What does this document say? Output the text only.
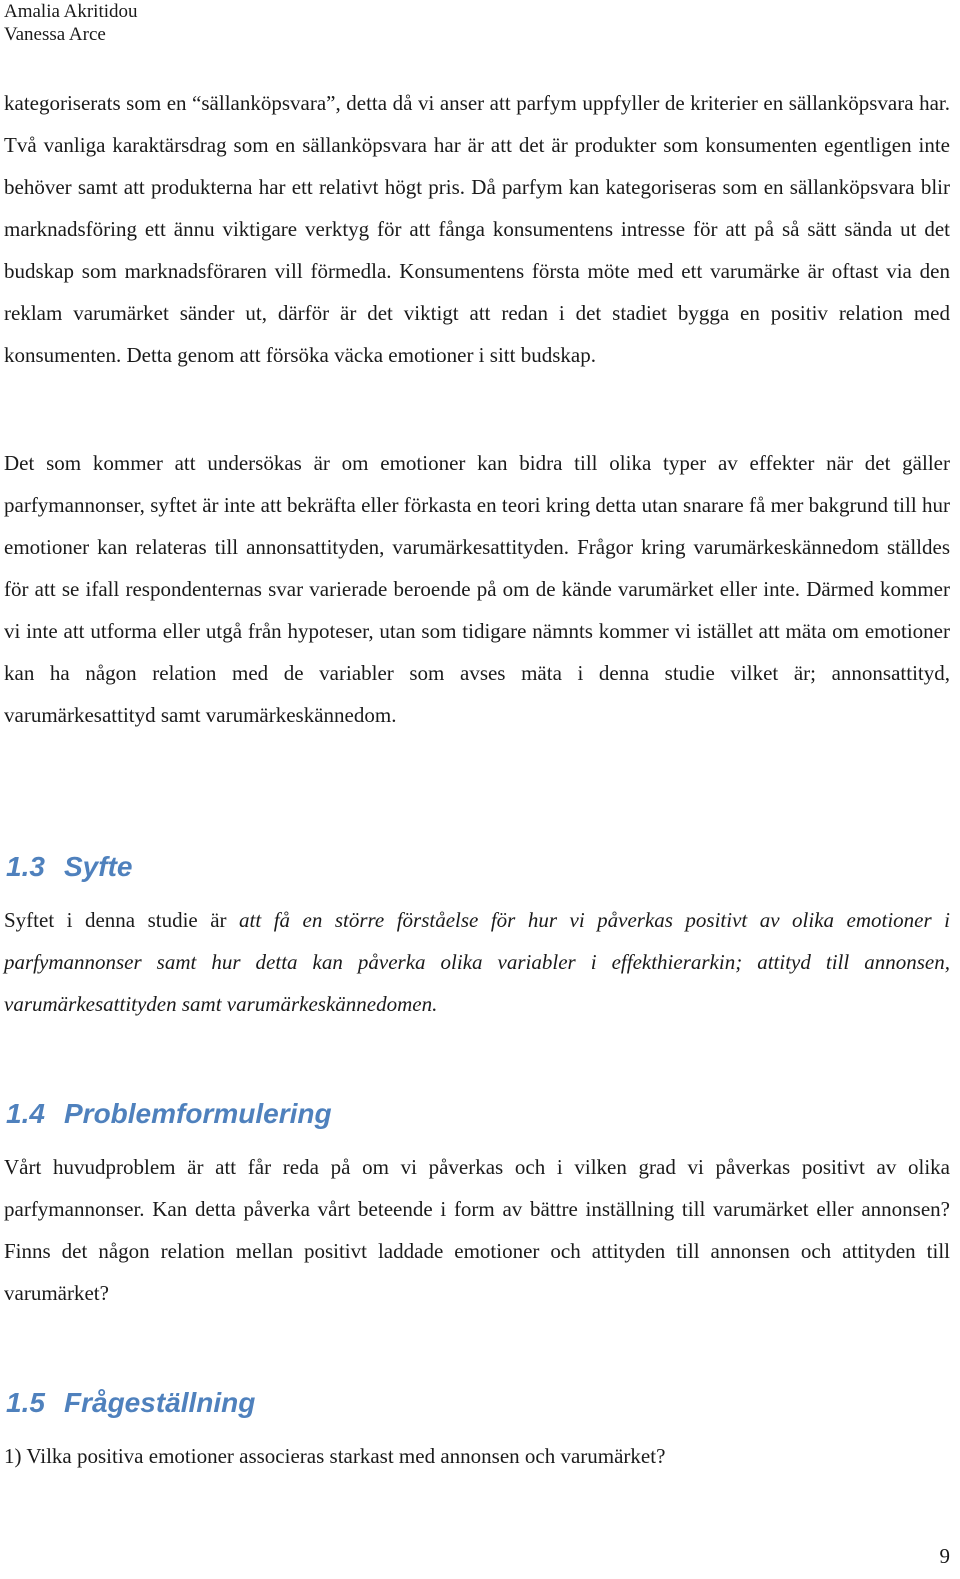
Amalia Akritidou
Vanessa Arce

kategoriserats som en “sällanköpsvara”, detta då vi anser att parfym uppfyller de kriterier en sällanköpsvara har. Två vanliga karaktärsdrag som en sällanköpsvara har är att det är produkter som konsumenten egentligen inte behöver samt att produkterna har ett relativt högt pris. Då parfym kan kategoriseras som en sällanköpsvara blir marknadsföring ett ännu viktigare verktyg för att fånga konsumentens intresse för att på så sätt sända ut det budskap som marknadsföraren vill förmedla. Konsumentens första möte med ett varumärke är oftast via den reklam varumärket sänder ut, därför är det viktigt att redan i det stadiet bygga en positiv relation med konsumenten. Detta genom att försöka väcka emotioner i sitt budskap.

Det som kommer att undersökas är om emotioner kan bidra till olika typer av effekter när det gäller parfymannonser, syftet är inte att bekräfta eller förkasta en teori kring detta utan snarare få mer bakgrund till hur emotioner kan relateras till annonsattityden, varumärkesattityden. Frågor kring varumärkeskännedom ställdes för att se ifall respondenternas svar varierade beroende på om de kände varumärket eller inte. Därmed kommer vi inte att utforma eller utgå från hypoteser, utan som tidigare nämnts kommer vi istället att mäta om emotioner kan ha någon relation med de variabler som avses mäta i denna studie vilket är; annonsattityd, varumärkesattityd samt varumärkeskännedom.

1.3 Syfte

Syftet i denna studie är att få en större förståelse för hur vi påverkas positivt av olika emotioner i parfymannonser samt hur detta kan påverka olika variabler i effekthierarkin; attityd till annonsen, varumärkesattityden samt varumärkeskännedomen.

1.4 Problemformulering

Vårt huvudproblem är att får reda på om vi påverkas och i vilken grad vi påverkas positivt av olika parfymannonser. Kan detta påverka vårt beteende i form av bättre inställning till varumärket eller annonsen? Finns det någon relation mellan positivt laddade emotioner och attityden till annonsen och attityden till varumärket?

1.5 Frågeställning

1) Vilka positiva emotioner associeras starkast med annonsen och varumärket?

9
